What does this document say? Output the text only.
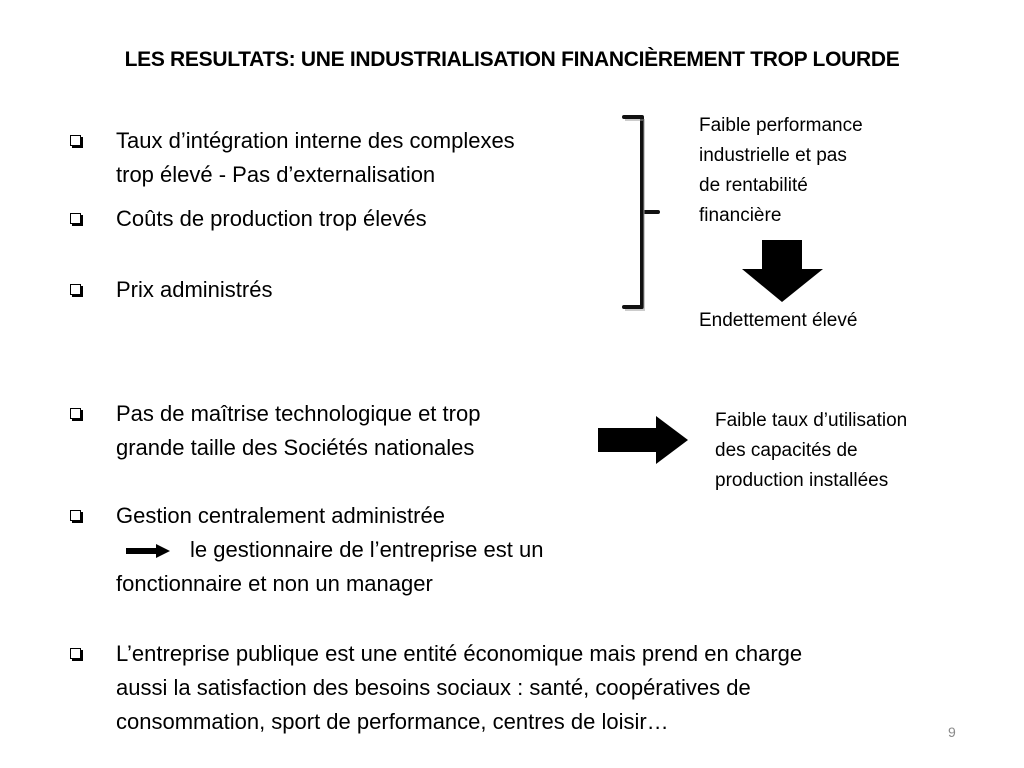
LES RESULTATS: UNE INDUSTRIALISATION FINANCIÈREMENT TROP LOURDE
Taux d’intégration interne des complexes
trop élevé - Pas d’externalisation
Coûts de production trop élevés
Prix administrés
Faible performance
industrielle et pas
de rentabilité
financière
Endettement élevé
Pas de maîtrise technologique et trop
grande taille des Sociétés nationales
Faible taux d’utilisation
des capacités de
production installées
Gestion centralement administrée
le gestionnaire de l’entreprise est un
fonctionnaire et non un manager
L’entreprise publique est une entité économique mais prend en charge
aussi la satisfaction des besoins sociaux : santé, coopératives de
consommation, sport de performance, centres de loisir…	9
